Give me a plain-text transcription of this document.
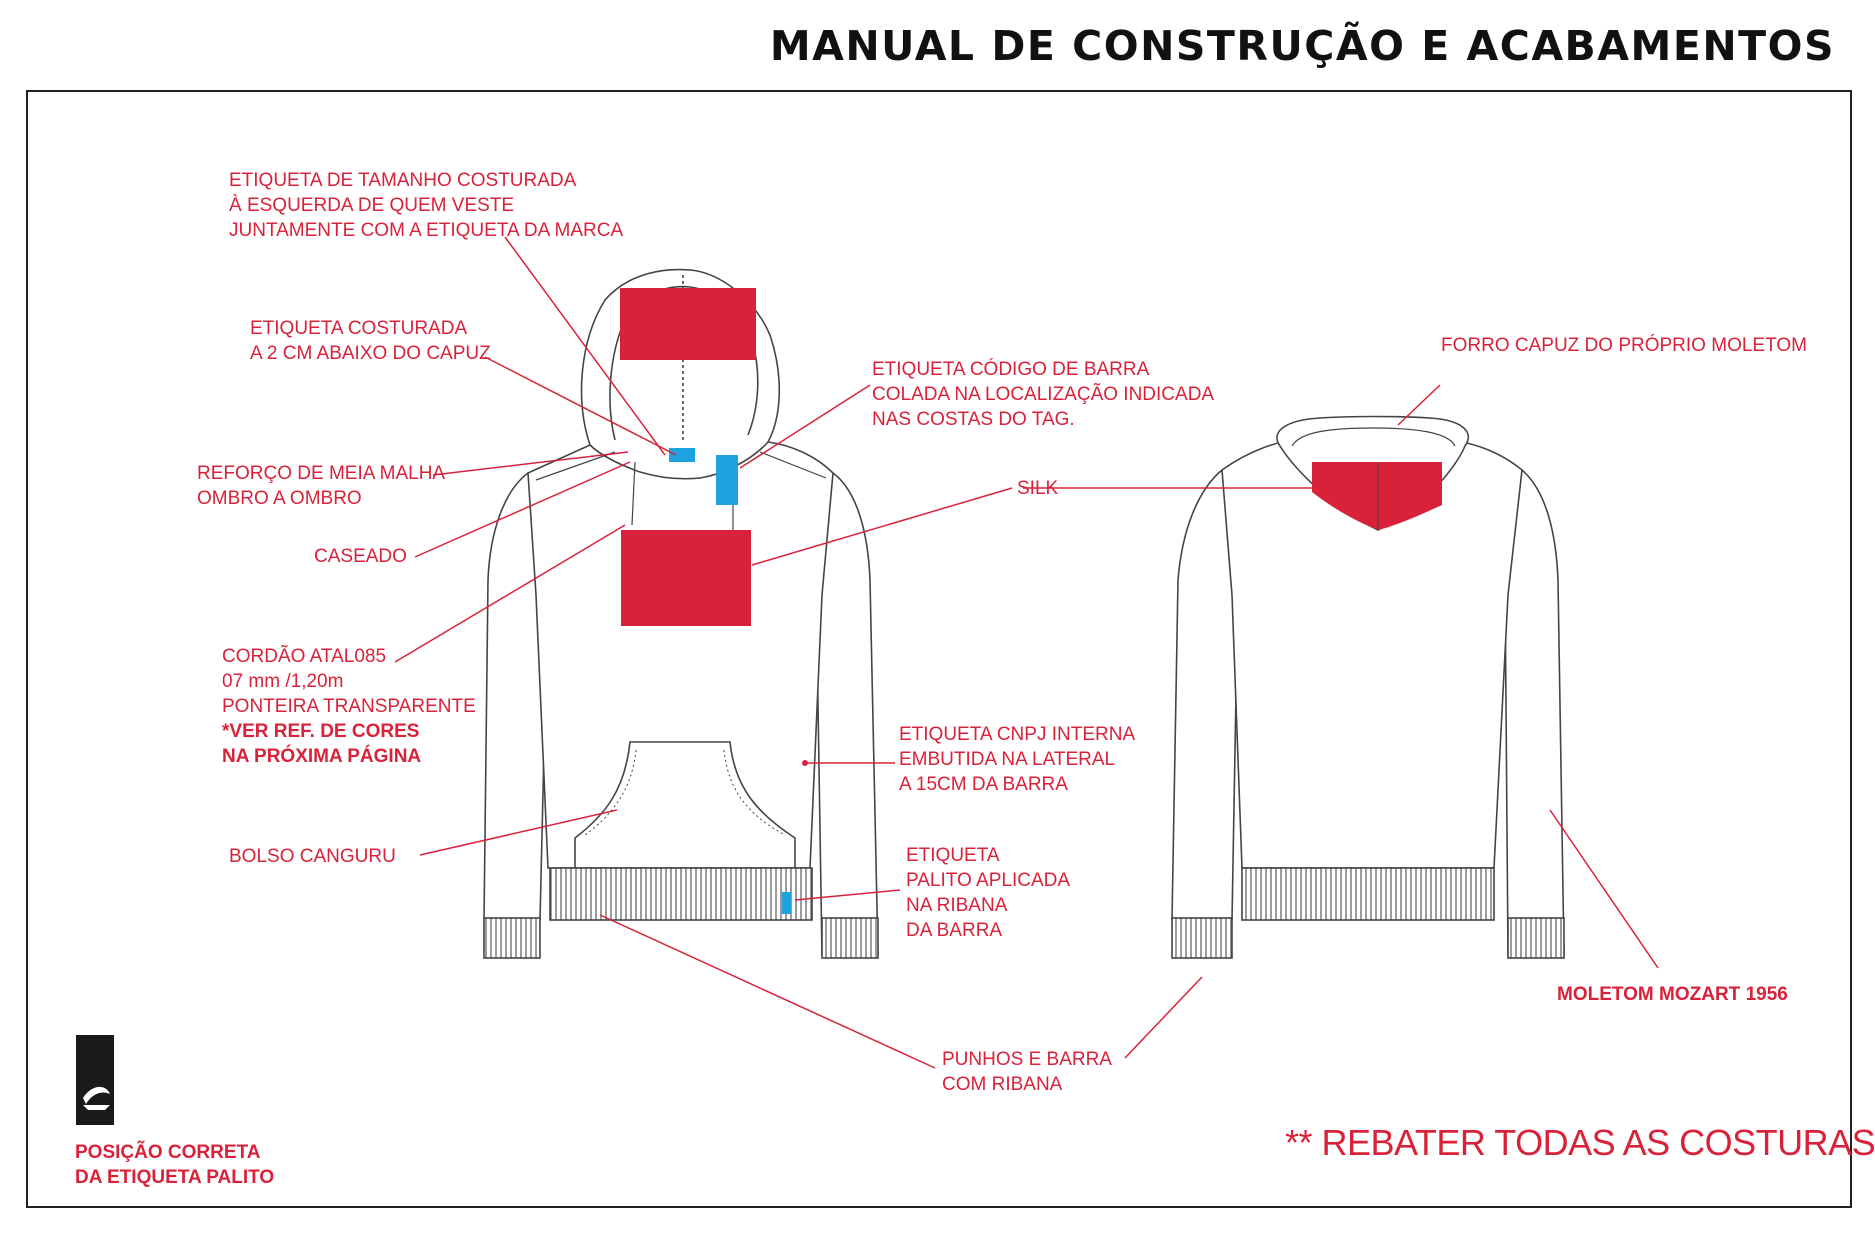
MANUAL DE CONSTRUÇÃO E ACABAMENTOS
ETIQUETA DE TAMANHO COSTURADA
À ESQUERDA DE QUEM VESTE
JUNTAMENTE COM A ETIQUETA DA MARCA
ETIQUETA COSTURADA
A 2 CM ABAIXO DO CAPUZ
REFORÇO DE MEIA MALHA
OMBRO A OMBRO
CASEADO
CORDÃO ATAL085
07 mm /1,20m
PONTEIRA TRANSPARENTE
*VER REF. DE CORES
NA PRÓXIMA PÁGINA
BOLSO CANGURU
ETIQUETA CÓDIGO DE BARRA
COLADA NA LOCALIZAÇÃO INDICADA
NAS COSTAS DO TAG.
SILK
ETIQUETA CNPJ INTERNA
EMBUTIDA NA LATERAL
A 15CM DA BARRA
ETIQUETA
PALITO APLICADA
NA RIBANA
DA BARRA
PUNHOS E BARRA
COM RIBANA
FORRO CAPUZ DO PRÓPRIO MOLETOM
MOLETOM MOZART 1956
POSIÇÃO CORRETA
DA ETIQUETA PALITO
** REBATER TODAS AS COSTURAS
